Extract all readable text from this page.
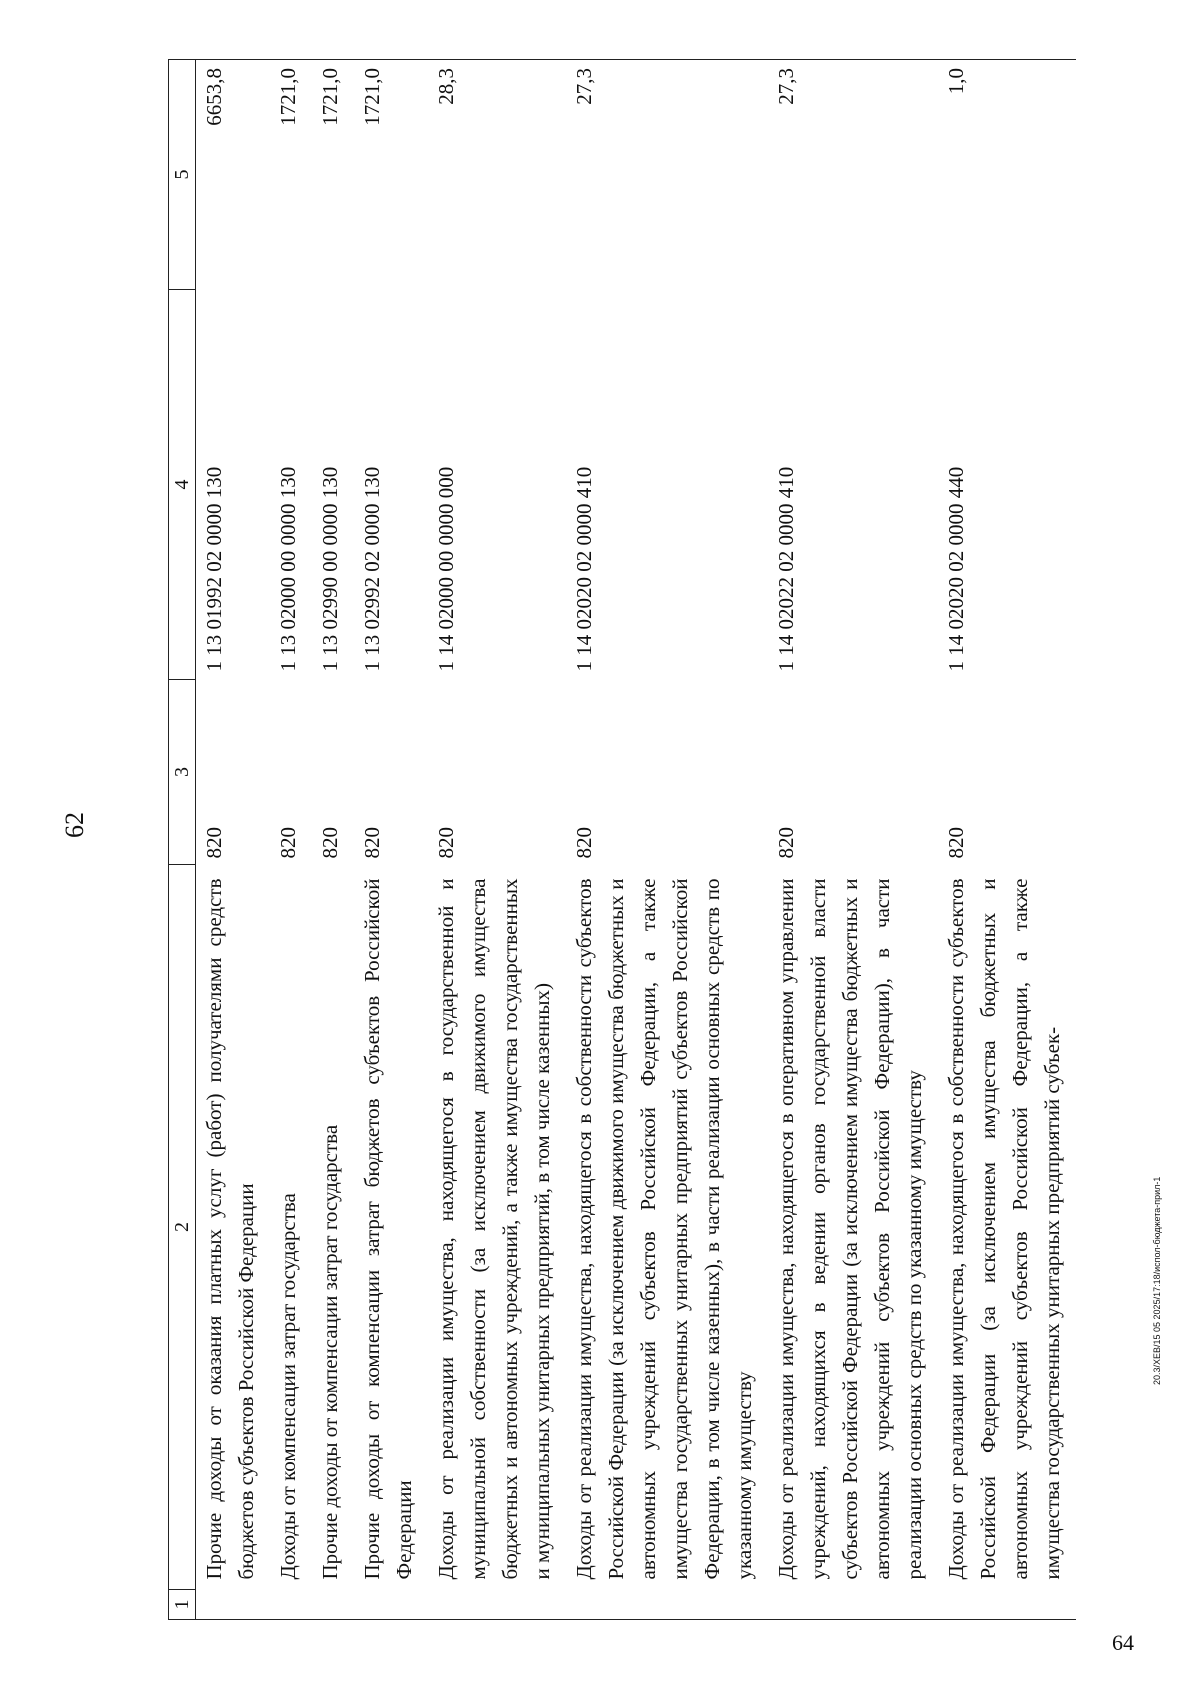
62
64
20.3/XEB/15 05 2025/17:18/испол-бюджета-прил-1
1	2	3	4	5
	Прочие доходы от оказания платных услуг (работ) получателями средств бюджетов субъектов Российской Федерации	820	1 13 01992 02 0000 130	6653,8
	Доходы от компенсации затрат государства	820	1 13 02000 00 0000 130	1721,0
	Прочие доходы от компенсации затрат государства	820	1 13 02990 00 0000 130	1721,0
	Прочие доходы от компенсации затрат бюджетов субъектов Российской Федерации	820	1 13 02992 02 0000 130	1721,0
	Доходы от реализации имущества, находящегося в государственной и муниципальной собственности (за исключением движимого имущества бюджетных и автономных учреждений, а также имущества государственных и муниципальных унитарных предприятий, в том числе казенных)	820	1 14 02000 00 0000 000	28,3
	Доходы от реализации имущества, находящегося в собственности субъектов Российской Федерации (за исключением движимого имущества бюджетных и автономных учреждений субъектов Российской Федерации, а также имущества государственных унитарных предприятий субъектов Российской Федерации, в том числе казенных), в части реализации основных средств по указанному имуществу	820	1 14 02020 02 0000 410	27,3
	Доходы от реализации имущества, находящегося в оперативном управлении учреждений, находящихся в ведении органов государственной власти субъектов Российской Федерации (за исключением имущества бюджетных и автономных учреждений субъектов Российской Федерации), в части реализации основных средств по указанному имуществу	820	1 14 02022 02 0000 410	27,3
	Доходы от реализации имущества, находящегося в собственности субъектов Российской Федерации (за исключением имущества бюджетных и автономных учреждений субъектов Российской Федерации, а также имущества государственных унитарных предприятий субъек-	820	1 14 02020 02 0000 440	1,0
